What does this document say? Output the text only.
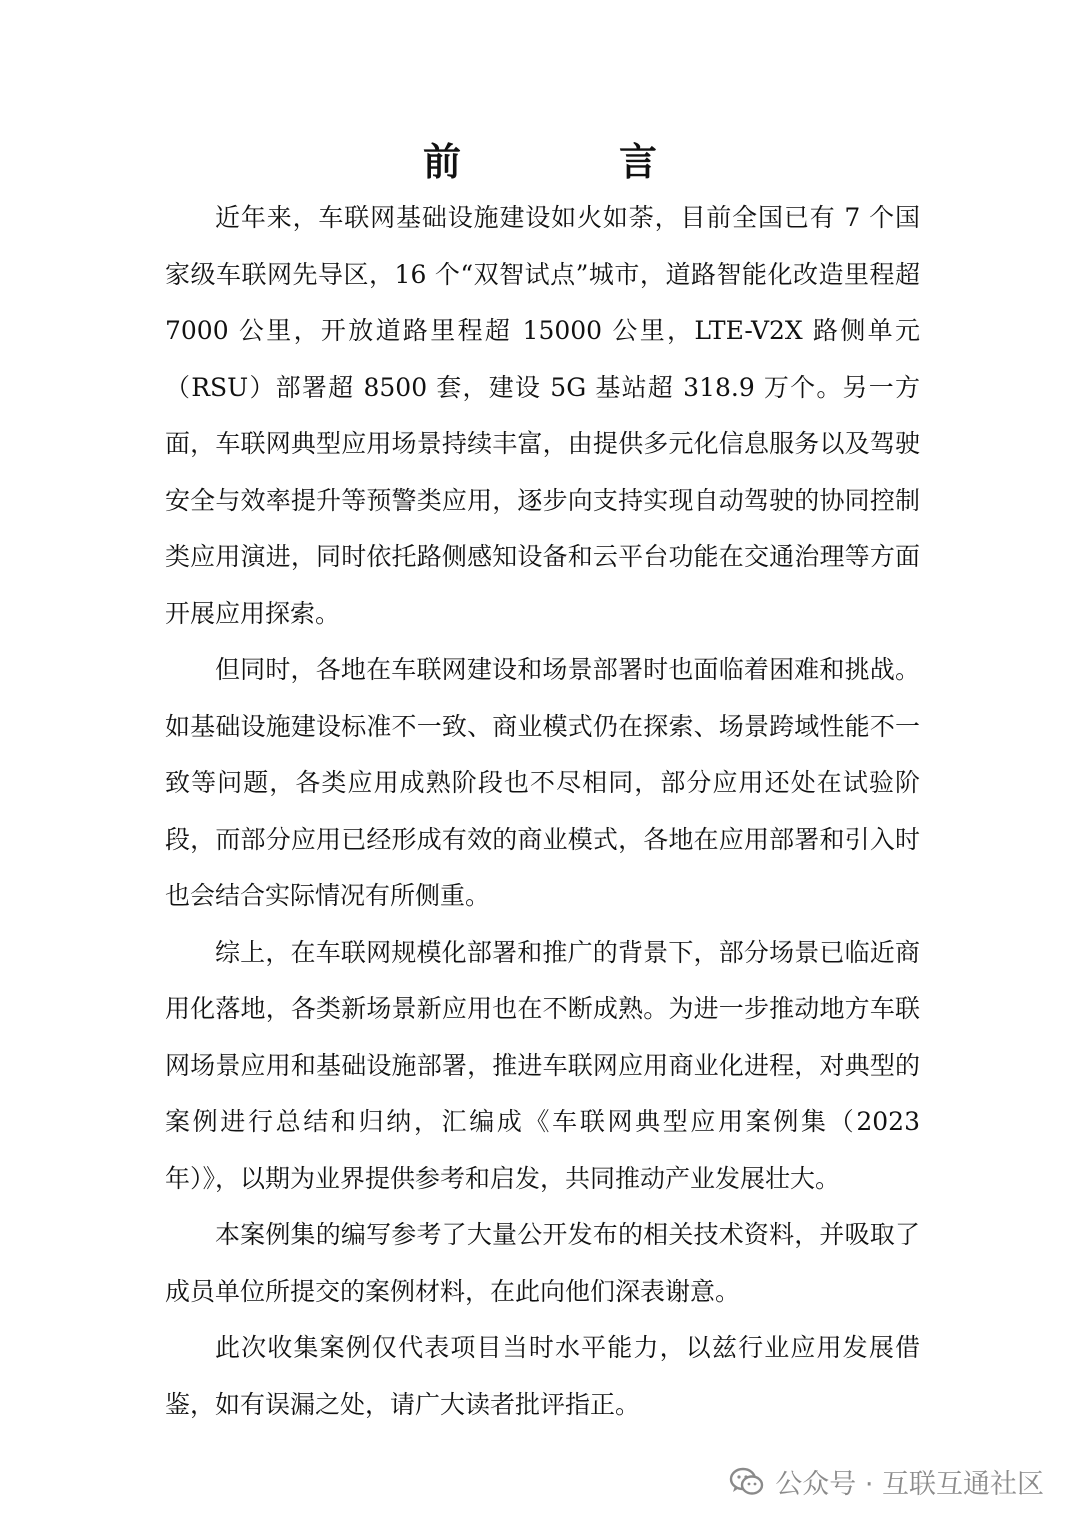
前　言

近年来，车联网基础设施建设如火如荼，目前全国已有 7 个国家级车联网先导区，16 个“双智试点”城市，道路智能化改造里程超 7000 公里，开放道路里程超 15000 公里，LTE-V2X 路侧单元（RSU）部署超 8500 套，建设 5G 基站超 318.9 万个。另一方面，车联网典型应用场景持续丰富，由提供多元化信息服务以及驾驶安全与效率提升等预警类应用，逐步向支持实现自动驾驶的协同控制类应用演进，同时依托路侧感知设备和云平台功能在交通治理等方面开展应用探索。

但同时，各地在车联网建设和场景部署时也面临着困难和挑战。如基础设施建设标准不一致、商业模式仍在探索、场景跨域性能不一致等问题，各类应用成熟阶段也不尽相同，部分应用还处在试验阶段，而部分应用已经形成有效的商业模式，各地在应用部署和引入时也会结合实际情况有所侧重。

综上，在车联网规模化部署和推广的背景下，部分场景已临近商用化落地，各类新场景新应用也在不断成熟。为进一步推动地方车联网场景应用和基础设施部署，推进车联网应用商业化进程，对典型的案例进行总结和归纳，汇编成《车联网典型应用案例集（2023 年）》，以期为业界提供参考和启发，共同推动产业发展壮大。

本案例集的编写参考了大量公开发布的相关技术资料，并吸取了成员单位所提交的案例材料，在此向他们深表谢意。

此次收集案例仅代表项目当时水平能力，以兹行业应用发展借鉴，如有误漏之处，请广大读者批评指正。

公众号 · 互联互通社区
